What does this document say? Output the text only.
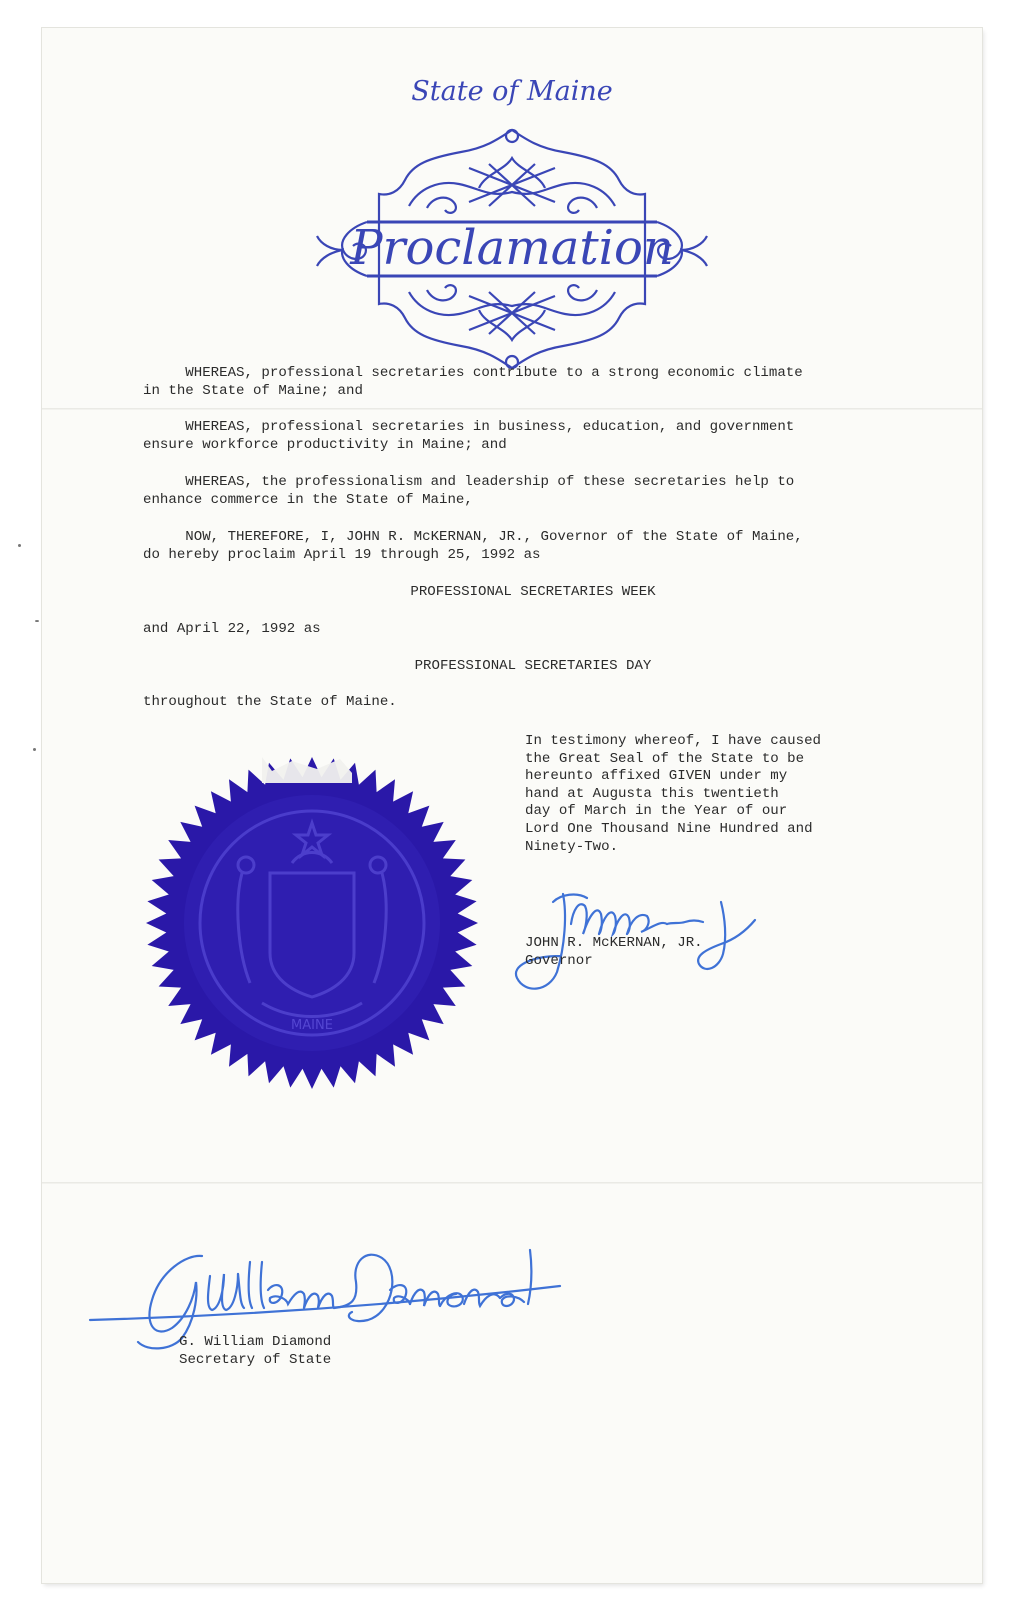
State of Maine
Proclamation

WHEREAS, professional secretaries contribute to a strong economic climate
in the State of Maine; and

WHEREAS, professional secretaries in business, education, and government
ensure workforce productivity in Maine; and

WHEREAS, the professionalism and leadership of these secretaries help to
enhance commerce in the State of Maine,

NOW, THEREFORE, I, JOHN R. McKERNAN, JR., Governor of the State of Maine,
do hereby proclaim April 19 through 25, 1992 as

PROFESSIONAL SECRETARIES WEEK
and April 22, 1992 as
PROFESSIONAL SECRETARIES DAY
throughout the State of Maine.
In testimony whereof, I have caused
the Great Seal of the State to be
hereunto affixed GIVEN under my
hand at Augusta this twentieth
day of March in the Year of our
Lord One Thousand Nine Hundred and
Ninety-Two.
MAINE
JOHN R. McKERNAN, JR.
Governor
G. William Diamond
Secretary of State
